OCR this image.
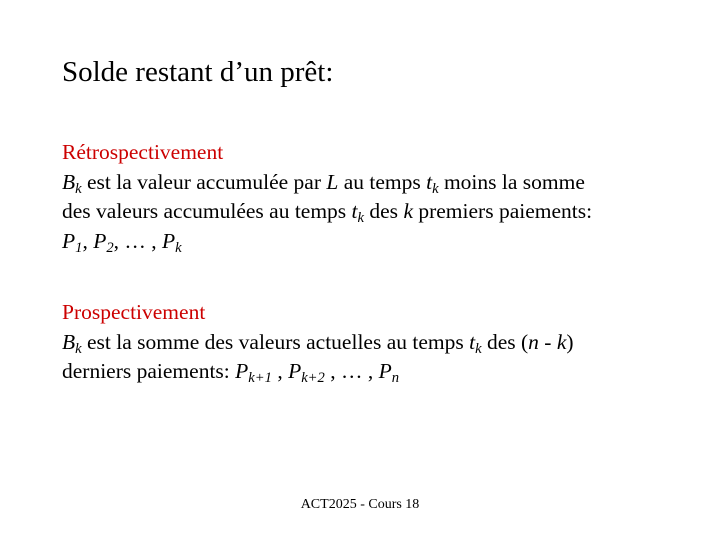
Solde restant d’un prêt:
Rétrospectivement
$B_k$ est la valeur accumulée par L au temps $t_k$ moins la somme
des valeurs accumulées au temps $t_k$ des k premiers paiements:
$P_1$, $P_2$, … , $P_k$
Prospectivement
$B_k$ est la somme des valeurs actuelles au temps $t_k$ des (n - k)
derniers paiements: $P_{k+1}$ , $P_{k+2}$ , … , $P_n$
ACT2025 - Cours 18
